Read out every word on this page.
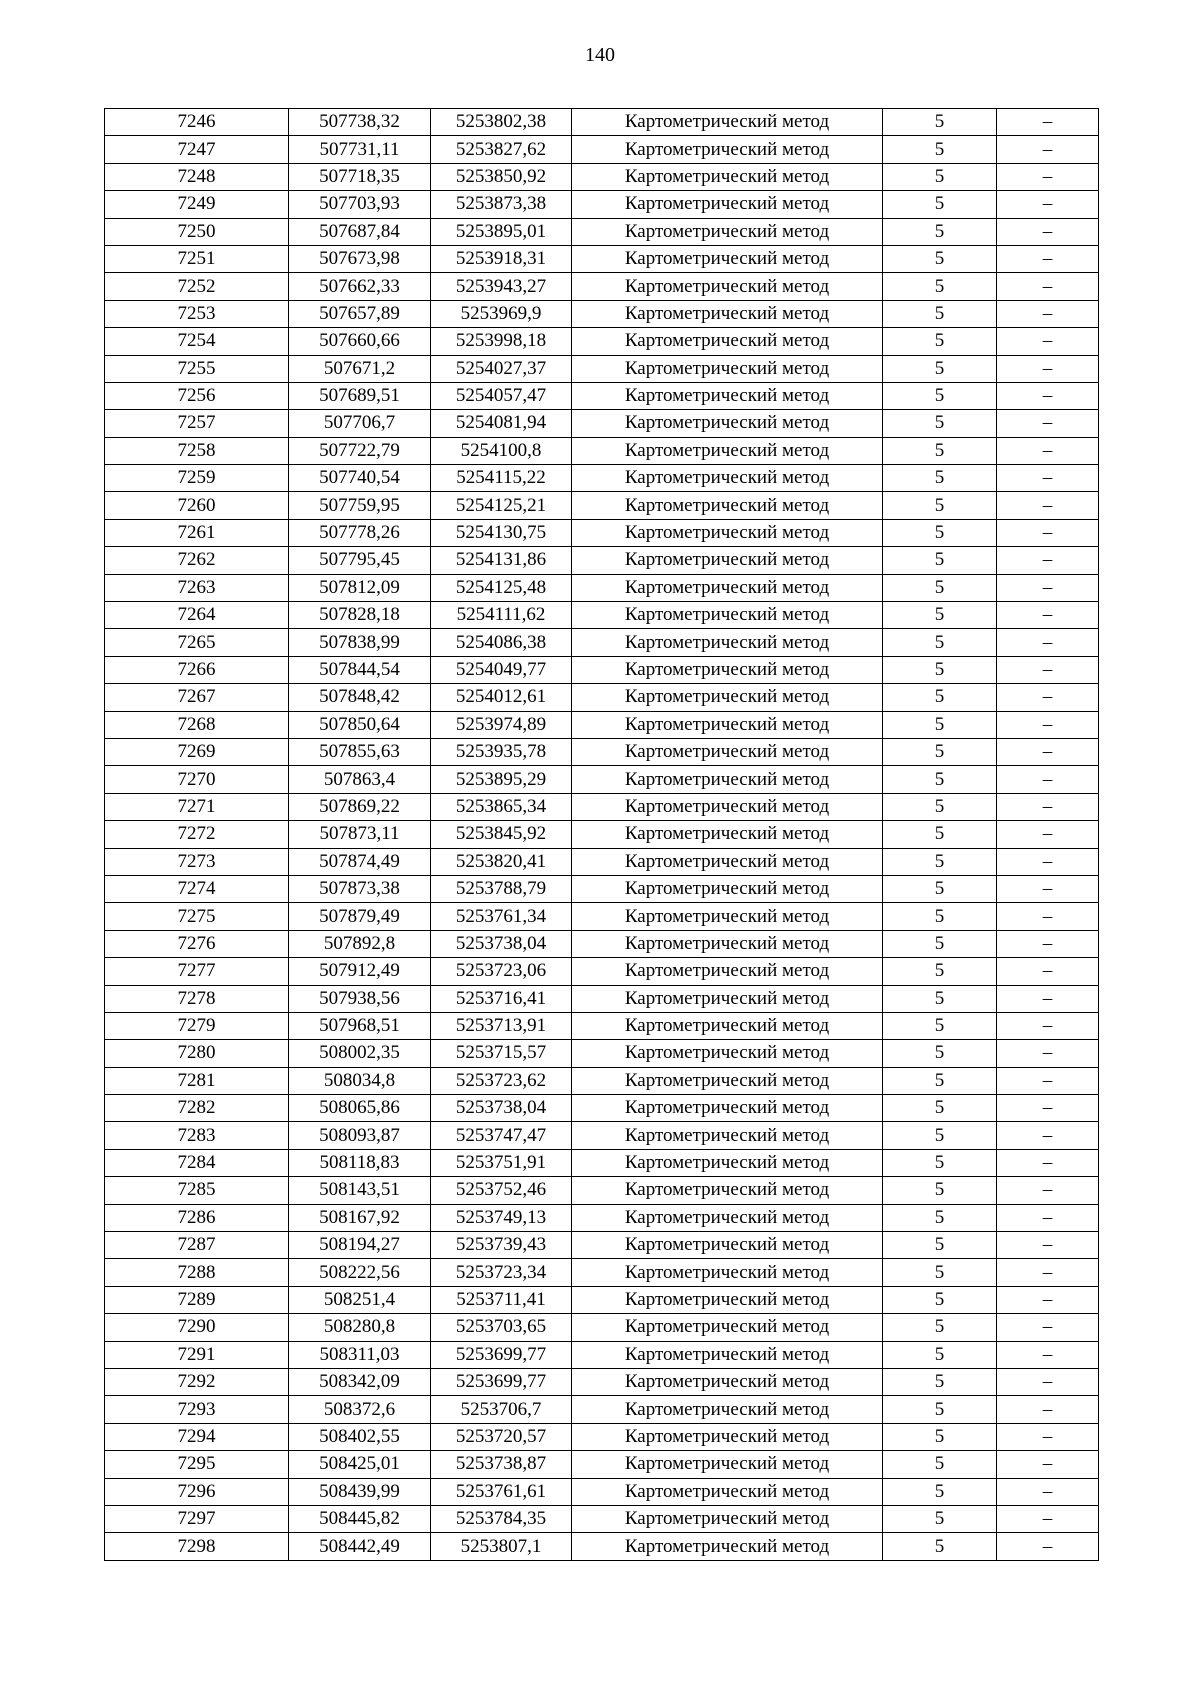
140
7246	507738,32	5253802,38	Картометрический метод	5	–
7247	507731,11	5253827,62	Картометрический метод	5	–
7248	507718,35	5253850,92	Картометрический метод	5	–
7249	507703,93	5253873,38	Картометрический метод	5	–
7250	507687,84	5253895,01	Картометрический метод	5	–
7251	507673,98	5253918,31	Картометрический метод	5	–
7252	507662,33	5253943,27	Картометрический метод	5	–
7253	507657,89	5253969,9	Картометрический метод	5	–
7254	507660,66	5253998,18	Картометрический метод	5	–
7255	507671,2	5254027,37	Картометрический метод	5	–
7256	507689,51	5254057,47	Картометрический метод	5	–
7257	507706,7	5254081,94	Картометрический метод	5	–
7258	507722,79	5254100,8	Картометрический метод	5	–
7259	507740,54	5254115,22	Картометрический метод	5	–
7260	507759,95	5254125,21	Картометрический метод	5	–
7261	507778,26	5254130,75	Картометрический метод	5	–
7262	507795,45	5254131,86	Картометрический метод	5	–
7263	507812,09	5254125,48	Картометрический метод	5	–
7264	507828,18	5254111,62	Картометрический метод	5	–
7265	507838,99	5254086,38	Картометрический метод	5	–
7266	507844,54	5254049,77	Картометрический метод	5	–
7267	507848,42	5254012,61	Картометрический метод	5	–
7268	507850,64	5253974,89	Картометрический метод	5	–
7269	507855,63	5253935,78	Картометрический метод	5	–
7270	507863,4	5253895,29	Картометрический метод	5	–
7271	507869,22	5253865,34	Картометрический метод	5	–
7272	507873,11	5253845,92	Картометрический метод	5	–
7273	507874,49	5253820,41	Картометрический метод	5	–
7274	507873,38	5253788,79	Картометрический метод	5	–
7275	507879,49	5253761,34	Картометрический метод	5	–
7276	507892,8	5253738,04	Картометрический метод	5	–
7277	507912,49	5253723,06	Картометрический метод	5	–
7278	507938,56	5253716,41	Картометрический метод	5	–
7279	507968,51	5253713,91	Картометрический метод	5	–
7280	508002,35	5253715,57	Картометрический метод	5	–
7281	508034,8	5253723,62	Картометрический метод	5	–
7282	508065,86	5253738,04	Картометрический метод	5	–
7283	508093,87	5253747,47	Картометрический метод	5	–
7284	508118,83	5253751,91	Картометрический метод	5	–
7285	508143,51	5253752,46	Картометрический метод	5	–
7286	508167,92	5253749,13	Картометрический метод	5	–
7287	508194,27	5253739,43	Картометрический метод	5	–
7288	508222,56	5253723,34	Картометрический метод	5	–
7289	508251,4	5253711,41	Картометрический метод	5	–
7290	508280,8	5253703,65	Картометрический метод	5	–
7291	508311,03	5253699,77	Картометрический метод	5	–
7292	508342,09	5253699,77	Картометрический метод	5	–
7293	508372,6	5253706,7	Картометрический метод	5	–
7294	508402,55	5253720,57	Картометрический метод	5	–
7295	508425,01	5253738,87	Картометрический метод	5	–
7296	508439,99	5253761,61	Картометрический метод	5	–
7297	508445,82	5253784,35	Картометрический метод	5	–
7298	508442,49	5253807,1	Картометрический метод	5	–
